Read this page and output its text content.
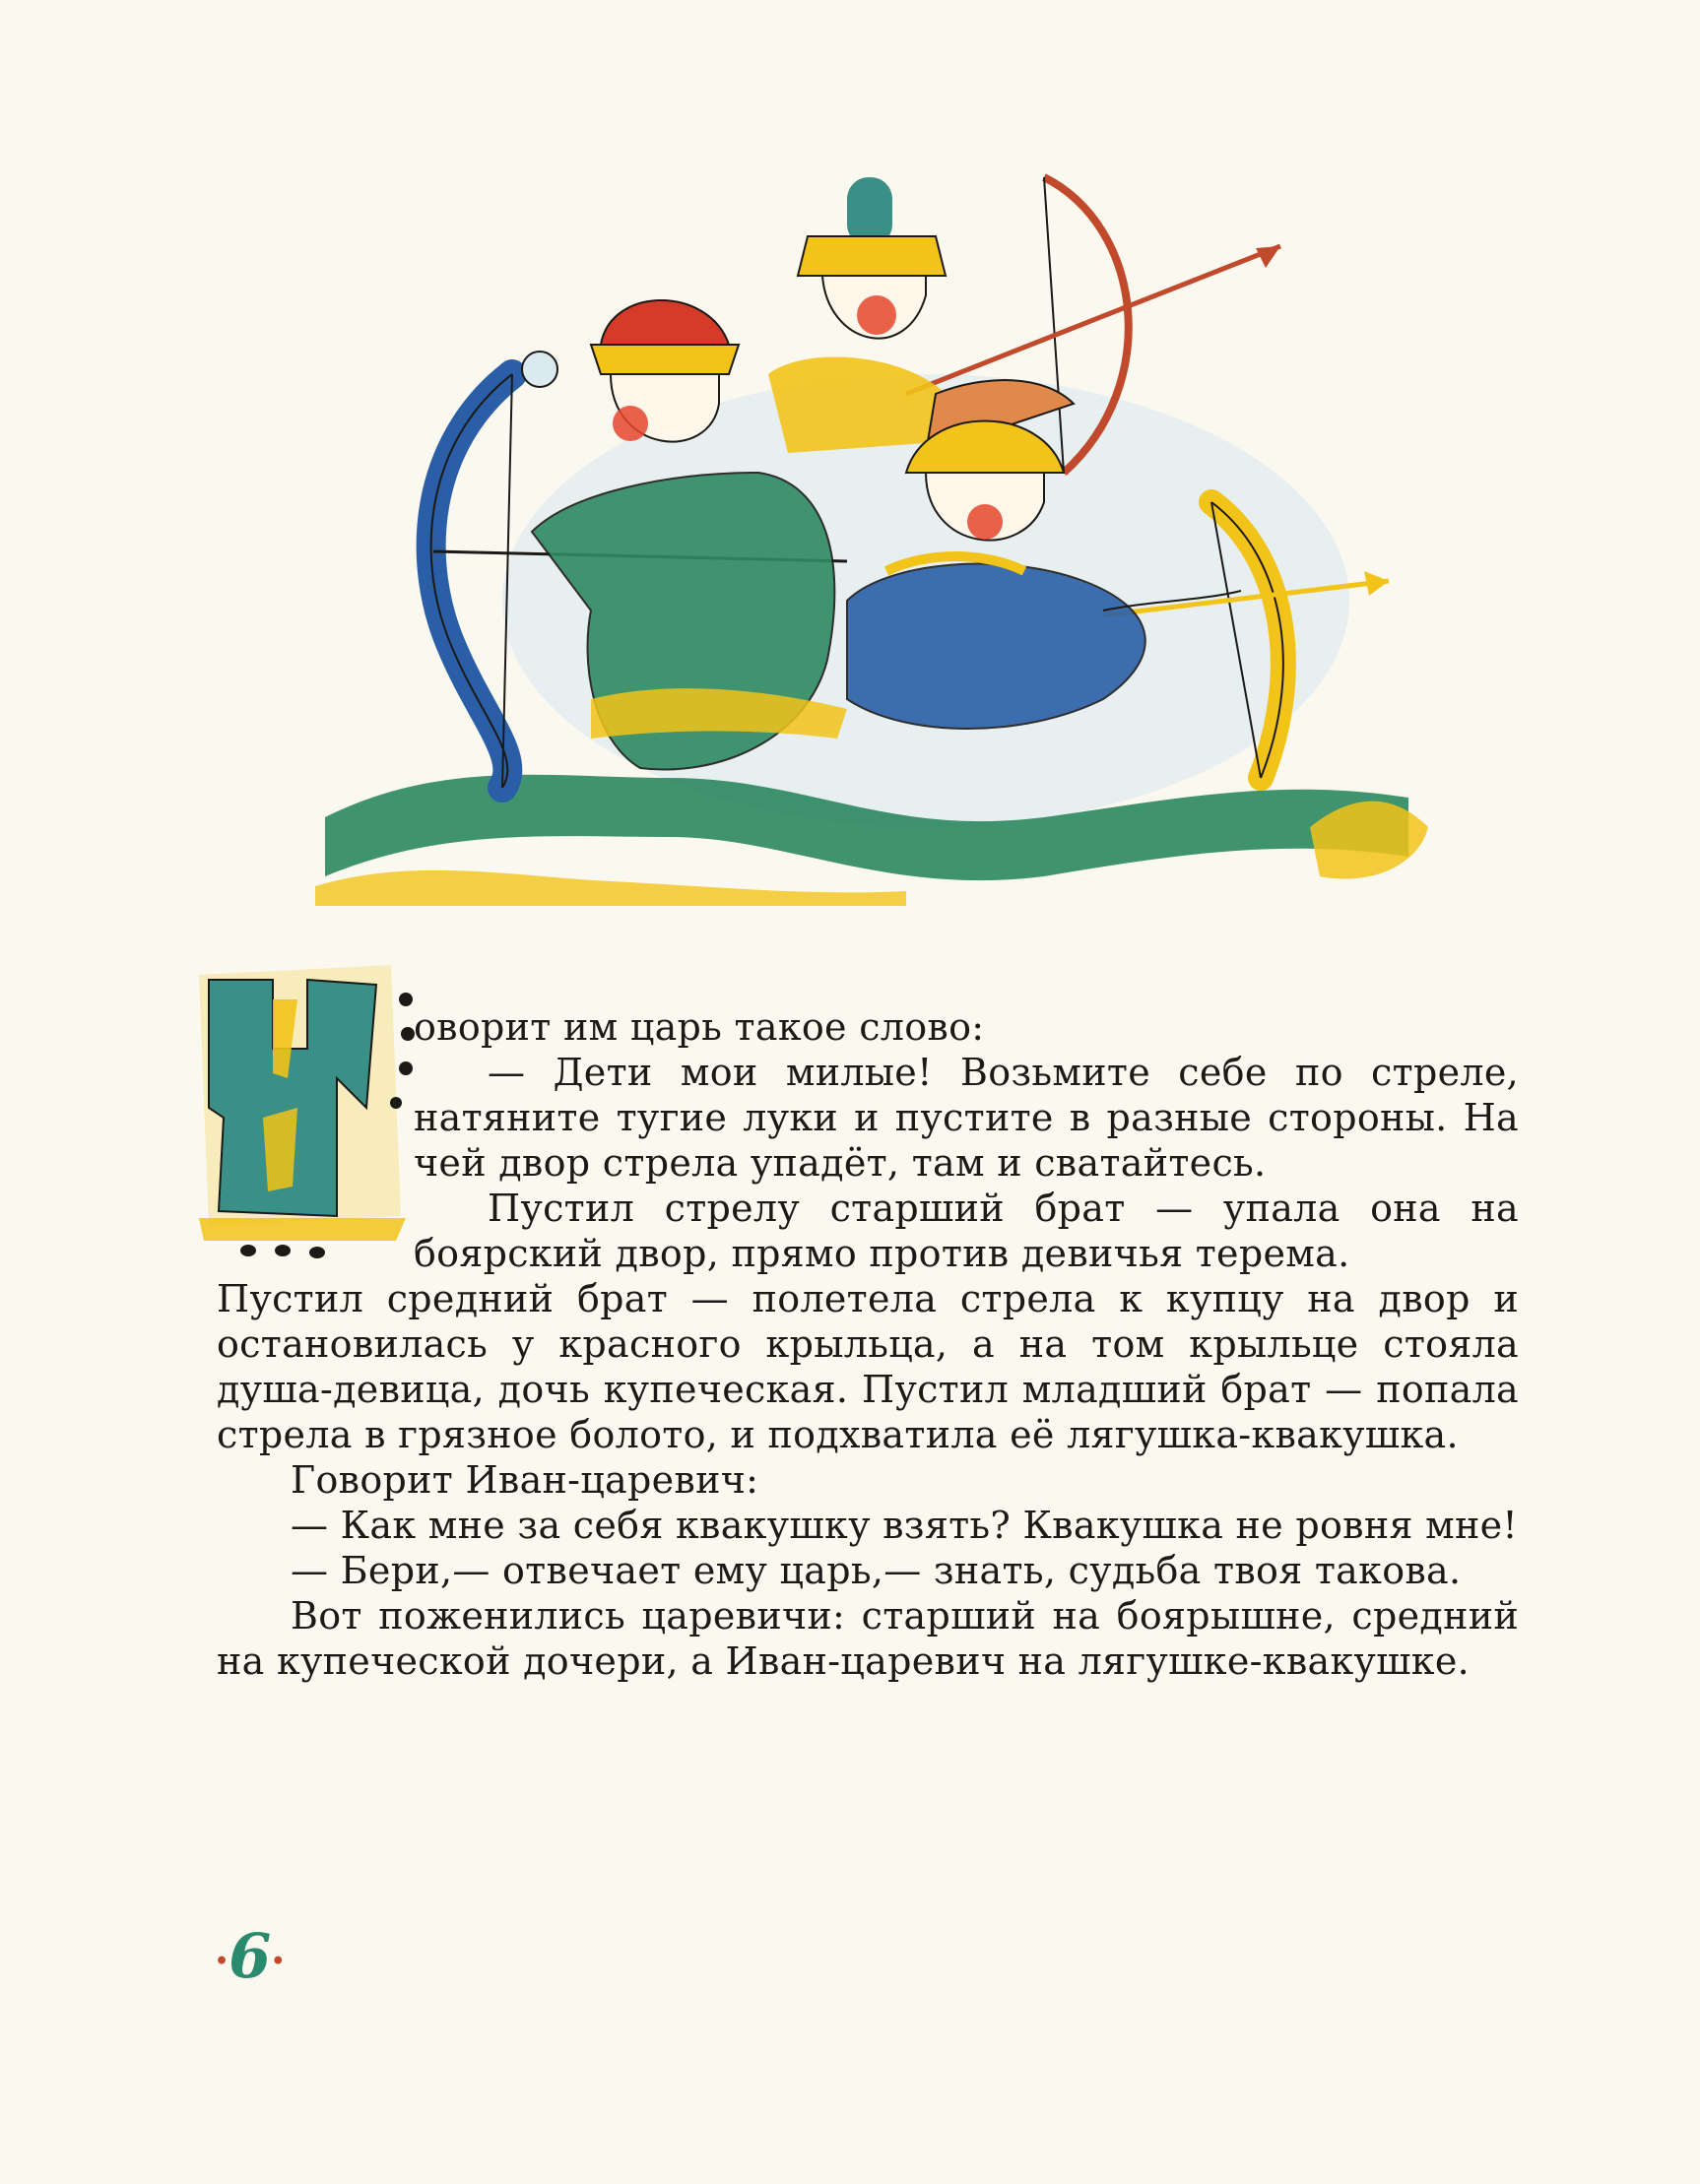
оворит им царь такое слово:

— Дети мои милые! Возьмите себе по стреле, натяните тугие луки и пустите в разные стороны. На чей двор стрела упадёт, там и сватайтесь.

Пустил стрелу старший брат — упала она на боярский двор, прямо против девичья терема.

Пустил средний брат — полетела стрела к купцу на двор и остановилась у красного крыльца, а на том крыльце стояла душа-девица, дочь купеческая. Пустил младший брат — попала стрела в грязное болото, и подхватила её лягушка-квакушка.

Говорит Иван-царевич:

— Как мне за себя квакушку взять? Квакушка не ровня мне!

— Бери,— отвечает ему царь,— знать, судьба твоя такова.

Вот поженились царевичи: старший на боярышне, средний на купеческой дочери, а Иван-царевич на лягушке-квакушке.

•6•
